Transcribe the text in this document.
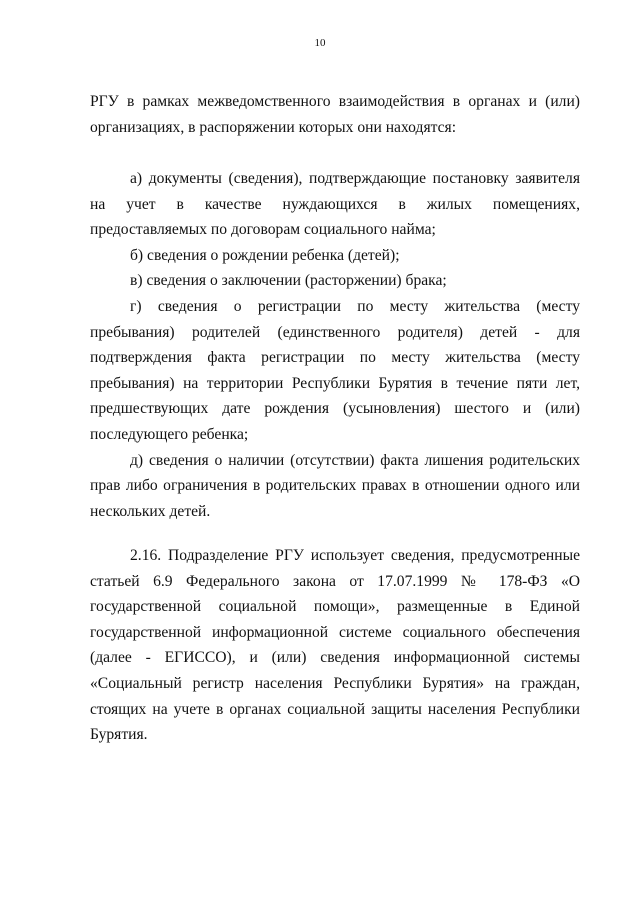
10

РГУ в рамках межведомственного взаимодействия в органах и (или) организациях, в распоряжении которых они находятся:

а) документы (сведения), подтверждающие постановку заявителя на учет в качестве нуждающихся в жилых помещениях, предоставляемых по договорам социального найма;

б) сведения о рождении ребенка (детей);

в) сведения о заключении (расторжении) брака;

г) сведения о регистрации по месту жительства (месту пребывания) родителей (единственного родителя) детей - для подтверждения факта регистрации по месту жительства (месту пребывания) на территории Республики Бурятия в течение пяти лет, предшествующих дате рождения (усыновления) шестого и (или) последующего ребенка;

д) сведения о наличии (отсутствии) факта лишения родительских прав либо ограничения в родительских правах в отношении одного или нескольких детей.

2.16. Подразделение РГУ использует сведения, предусмотренные статьей 6.9 Федерального закона от 17.07.1999 № 178-ФЗ «О государственной социальной помощи», размещенные в Единой государственной информационной системе социального обеспечения (далее - ЕГИССО), и (или) сведения информационной системы «Социальный регистр населения Республики Бурятия» на граждан, стоящих на учете в органах социальной защиты населения Республики Бурятия.
